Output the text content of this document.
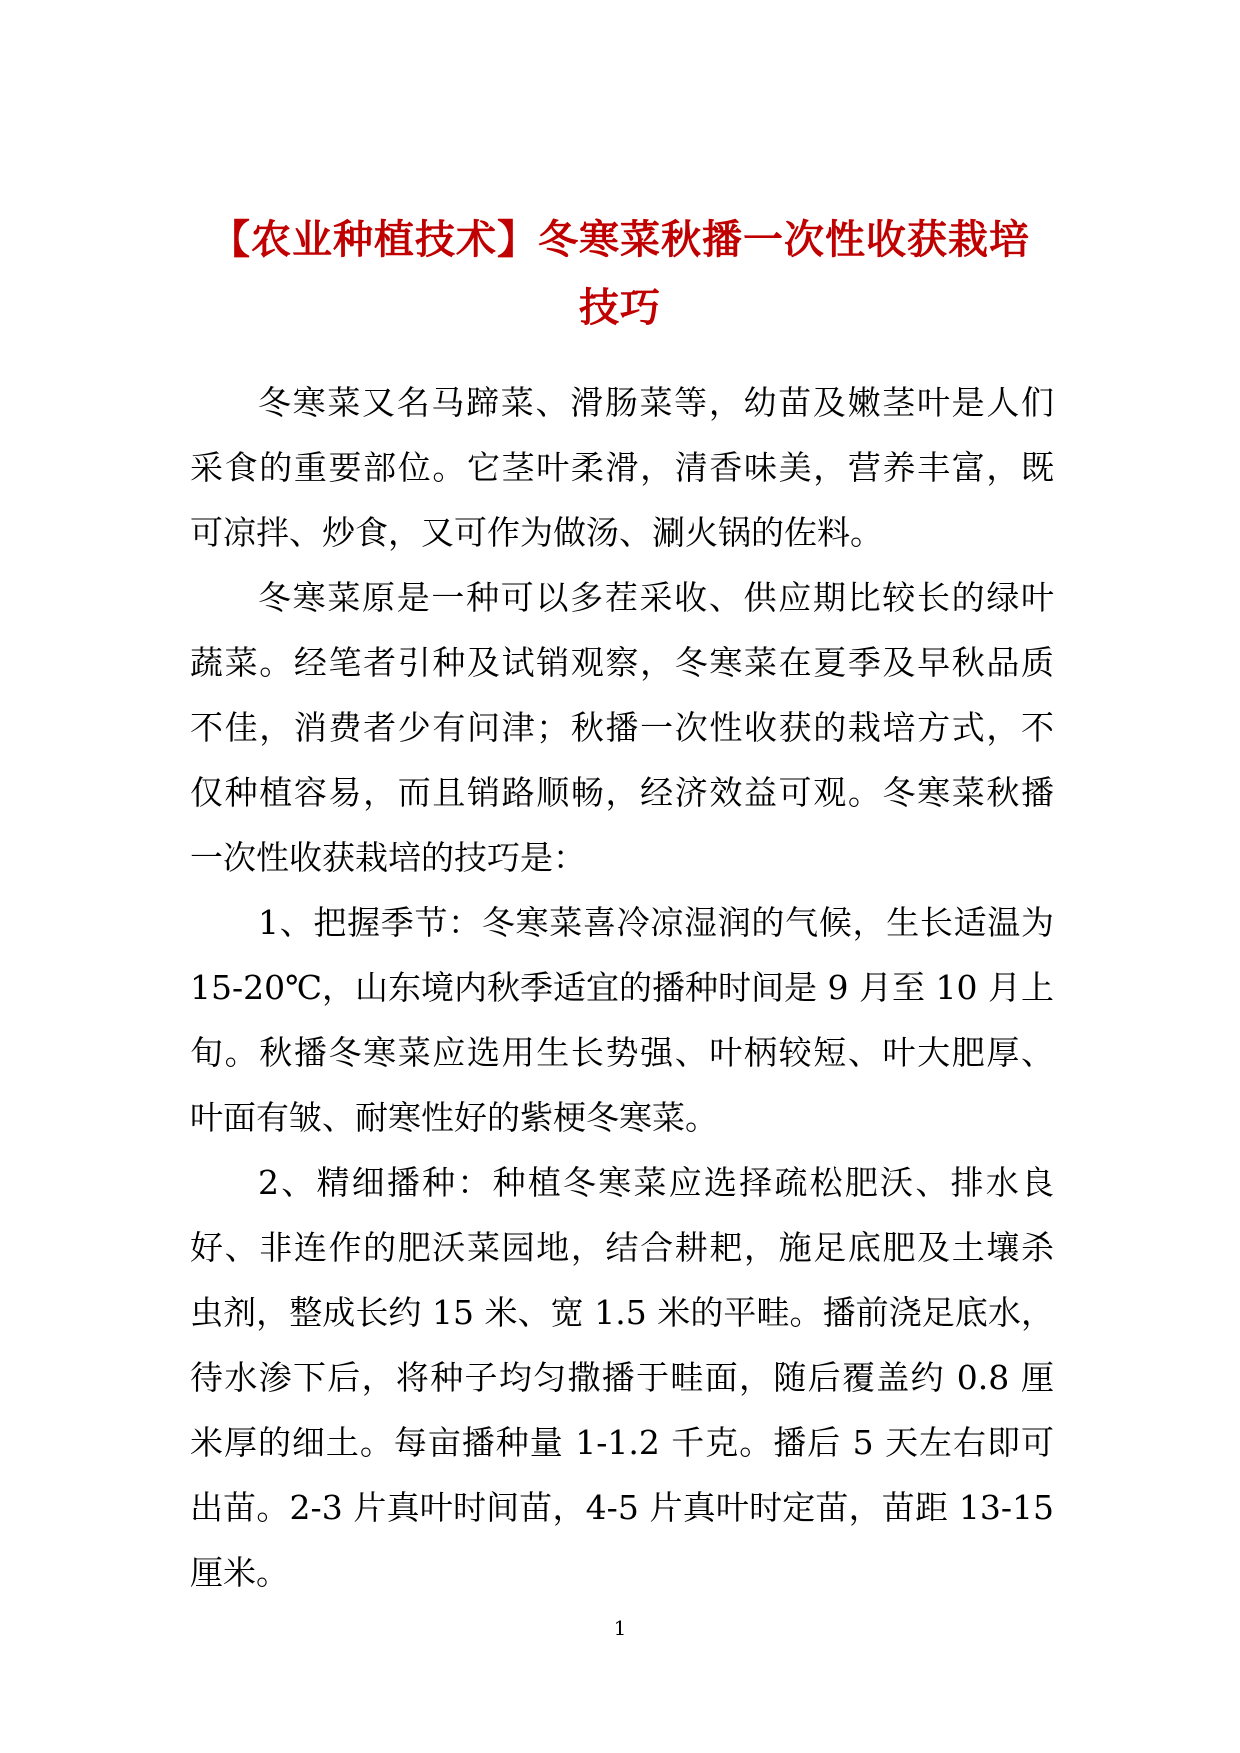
【农业种植技术】冬寒菜秋播一次性收获栽培
技巧
冬寒菜又名马蹄菜、滑肠菜等，幼苗及嫩茎叶是人们
采食的重要部位。它茎叶柔滑，清香味美，营养丰富，既
可凉拌、炒食，又可作为做汤、涮火锅的佐料。
冬寒菜原是一种可以多茬采收、供应期比较长的绿叶
蔬菜。经笔者引种及试销观察，冬寒菜在夏季及早秋品质
不佳，消费者少有问津；秋播一次性收获的栽培方式，不
仅种植容易，而且销路顺畅，经济效益可观。冬寒菜秋播
一次性收获栽培的技巧是：
1、把握季节：冬寒菜喜冷凉湿润的气候，生长适温为
15-20℃，山东境内秋季适宜的播种时间是 9 月至 10 月上
旬。秋播冬寒菜应选用生长势强、叶柄较短、叶大肥厚、
叶面有皱、耐寒性好的紫梗冬寒菜。
2、精细播种：种植冬寒菜应选择疏松肥沃、排水良
好、非连作的肥沃菜园地，结合耕耙，施足底肥及土壤杀
虫剂，整成长约 15 米、宽 1.5 米的平畦。播前浇足底水，
待水渗下后，将种子均匀撒播于畦面，随后覆盖约 0.8 厘
米厚的细土。每亩播种量 1-1.2 千克。播后 5 天左右即可
出苗。2-3 片真叶时间苗，4-5 片真叶时定苗，苗距 13-15
厘米。
1
